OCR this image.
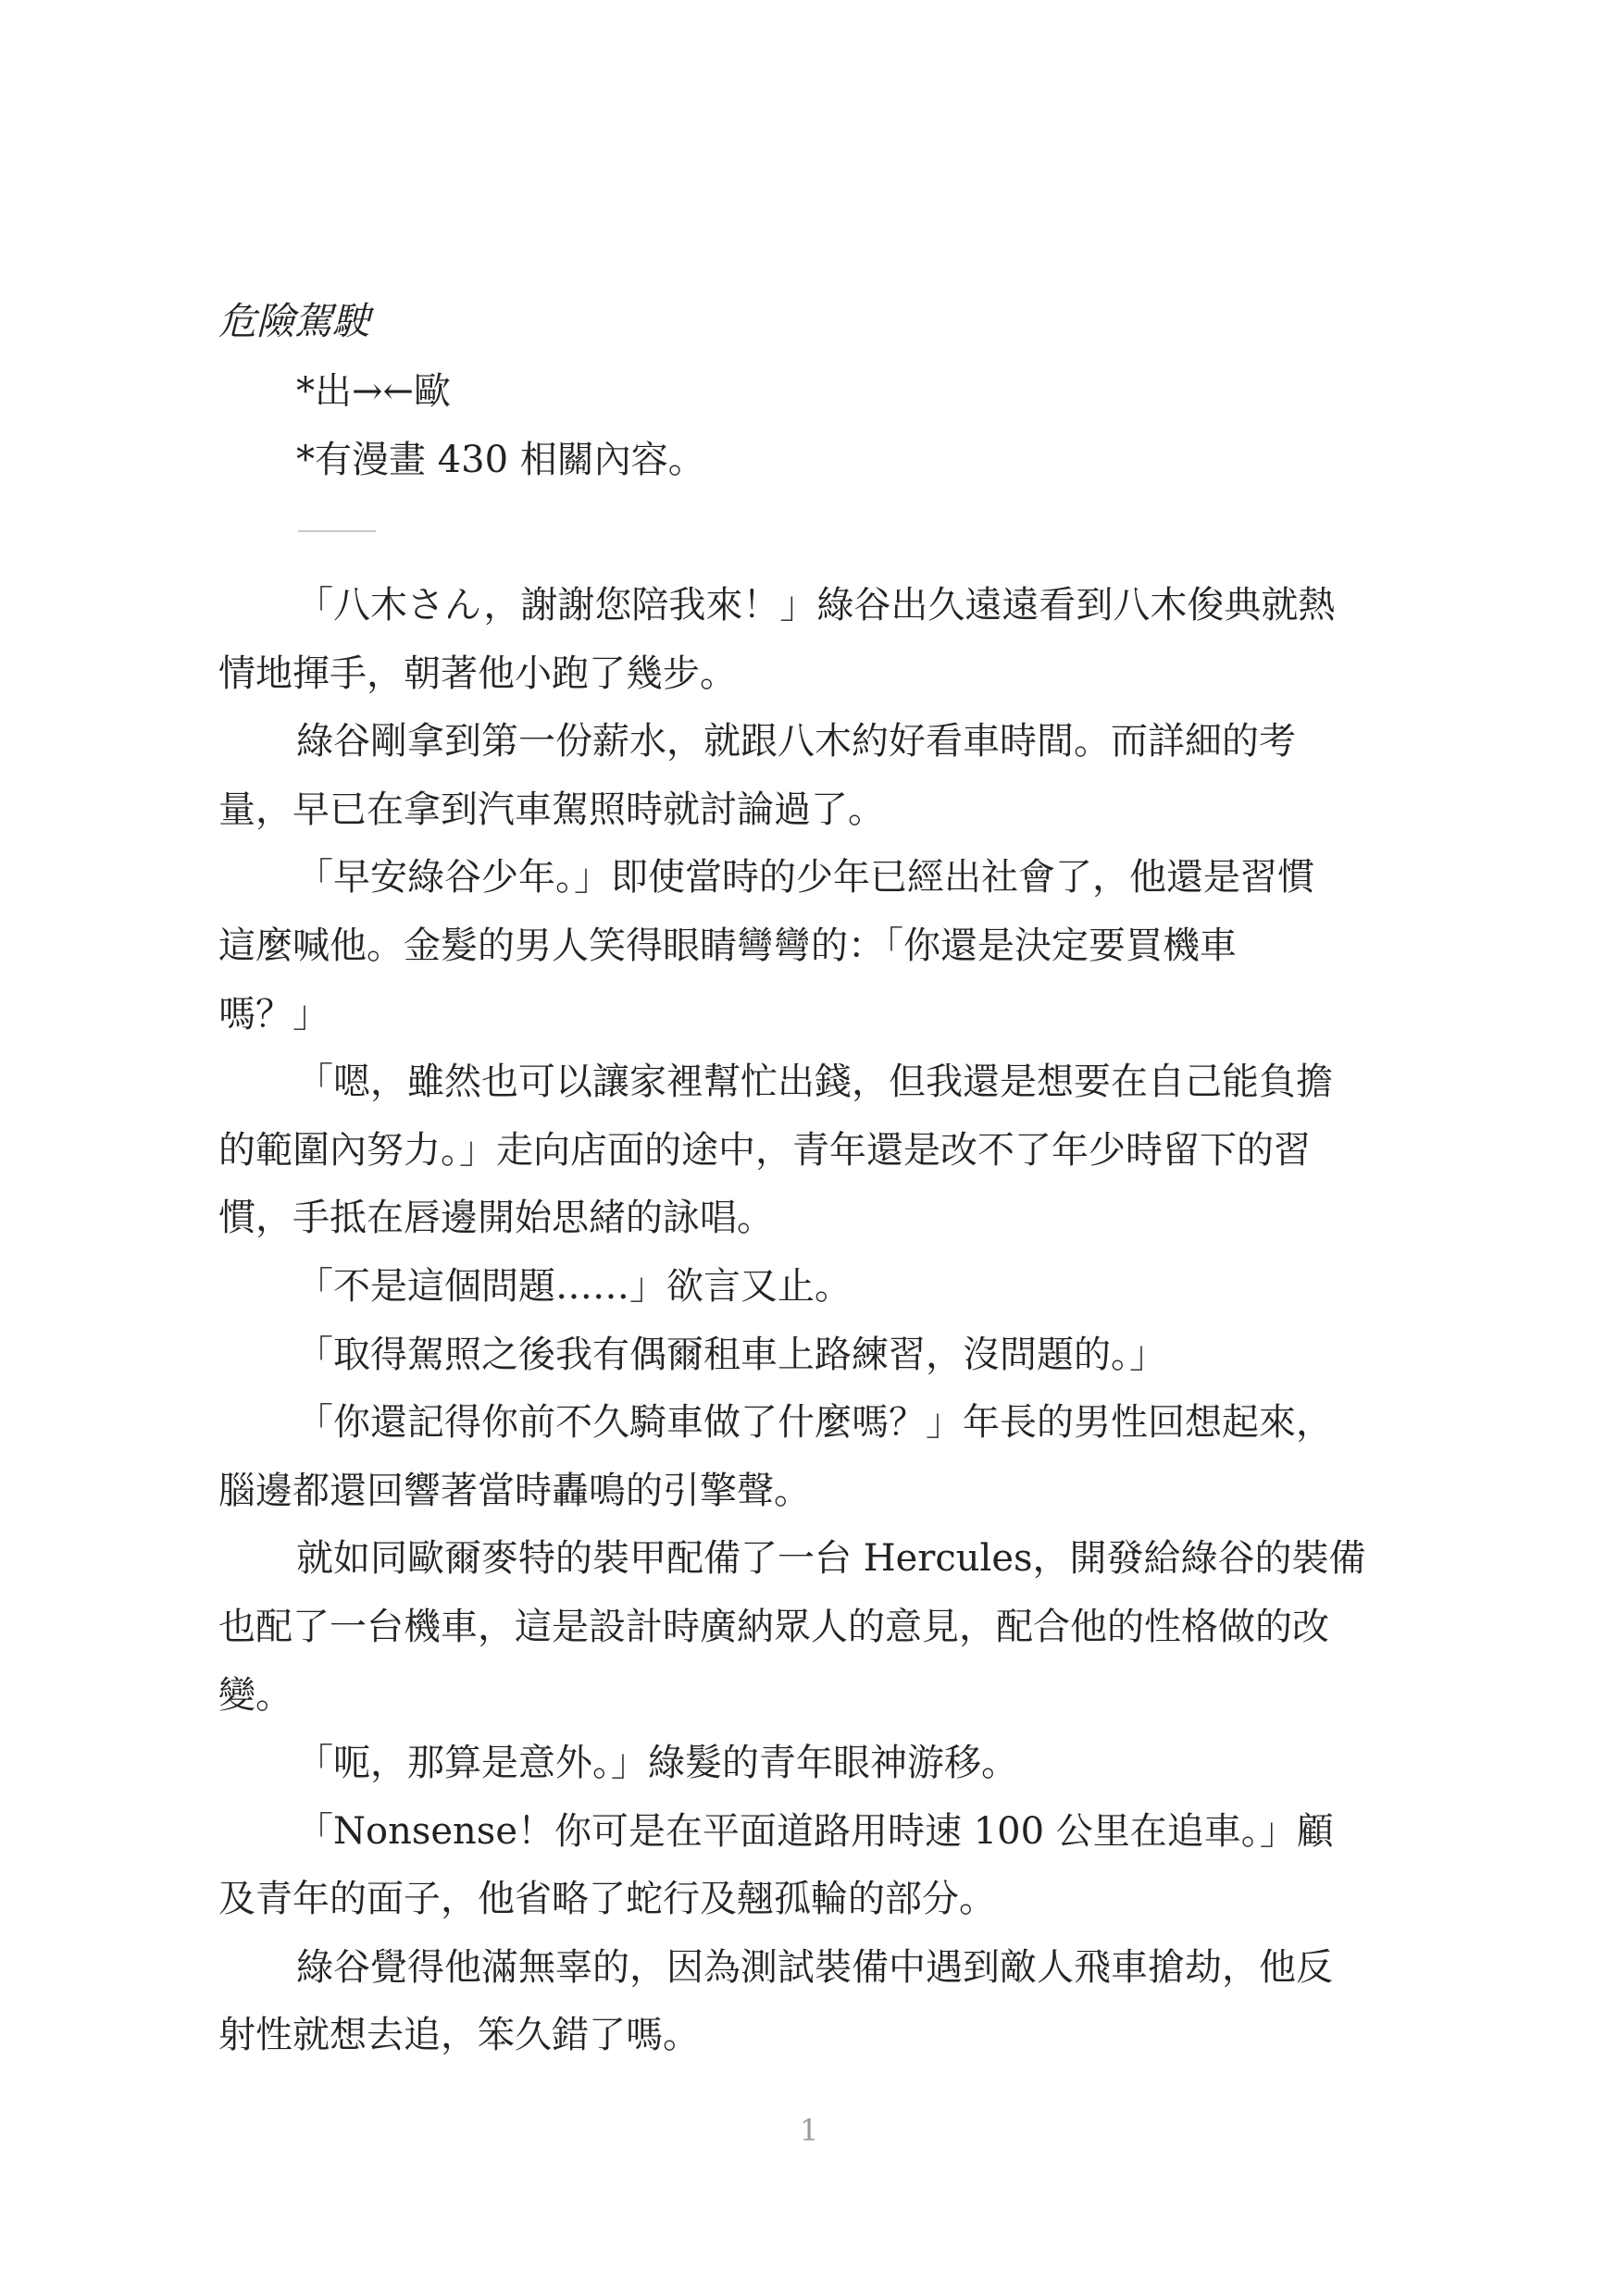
危險駕駛

*出→←歐

*有漫畫 430 相關內容。

「八木さん，謝謝您陪我來！」綠谷出久遠遠看到八木俊典就熱
情地揮手，朝著他小跑了幾步。

綠谷剛拿到第一份薪水，就跟八木約好看車時間。而詳細的考
量，早已在拿到汽車駕照時就討論過了。

「早安綠谷少年。」即使當時的少年已經出社會了，他還是習慣
這麼喊他。金髮的男人笑得眼睛彎彎的：「你還是決定要買機車
嗎？」

「嗯，雖然也可以讓家裡幫忙出錢，但我還是想要在自己能負擔
的範圍內努力。」走向店面的途中，青年還是改不了年少時留下的習
慣，手抵在唇邊開始思緒的詠唱。

「不是這個問題……」欲言又止。

「取得駕照之後我有偶爾租車上路練習，沒問題的。」

「你還記得你前不久騎車做了什麼嗎？」年長的男性回想起來，
腦邊都還回響著當時轟鳴的引擎聲。

就如同歐爾麥特的裝甲配備了一台 Hercules，開發給綠谷的裝備
也配了一台機車，這是設計時廣納眾人的意見，配合他的性格做的改
變。

「呃，那算是意外。」綠髮的青年眼神游移。

「Nonsense！你可是在平面道路用時速 100 公里在追車。」顧
及青年的面子，他省略了蛇行及翹孤輪的部分。

綠谷覺得他滿無辜的，因為測試裝備中遇到敵人飛車搶劫，他反
射性就想去追，笨久錯了嗎。

1
